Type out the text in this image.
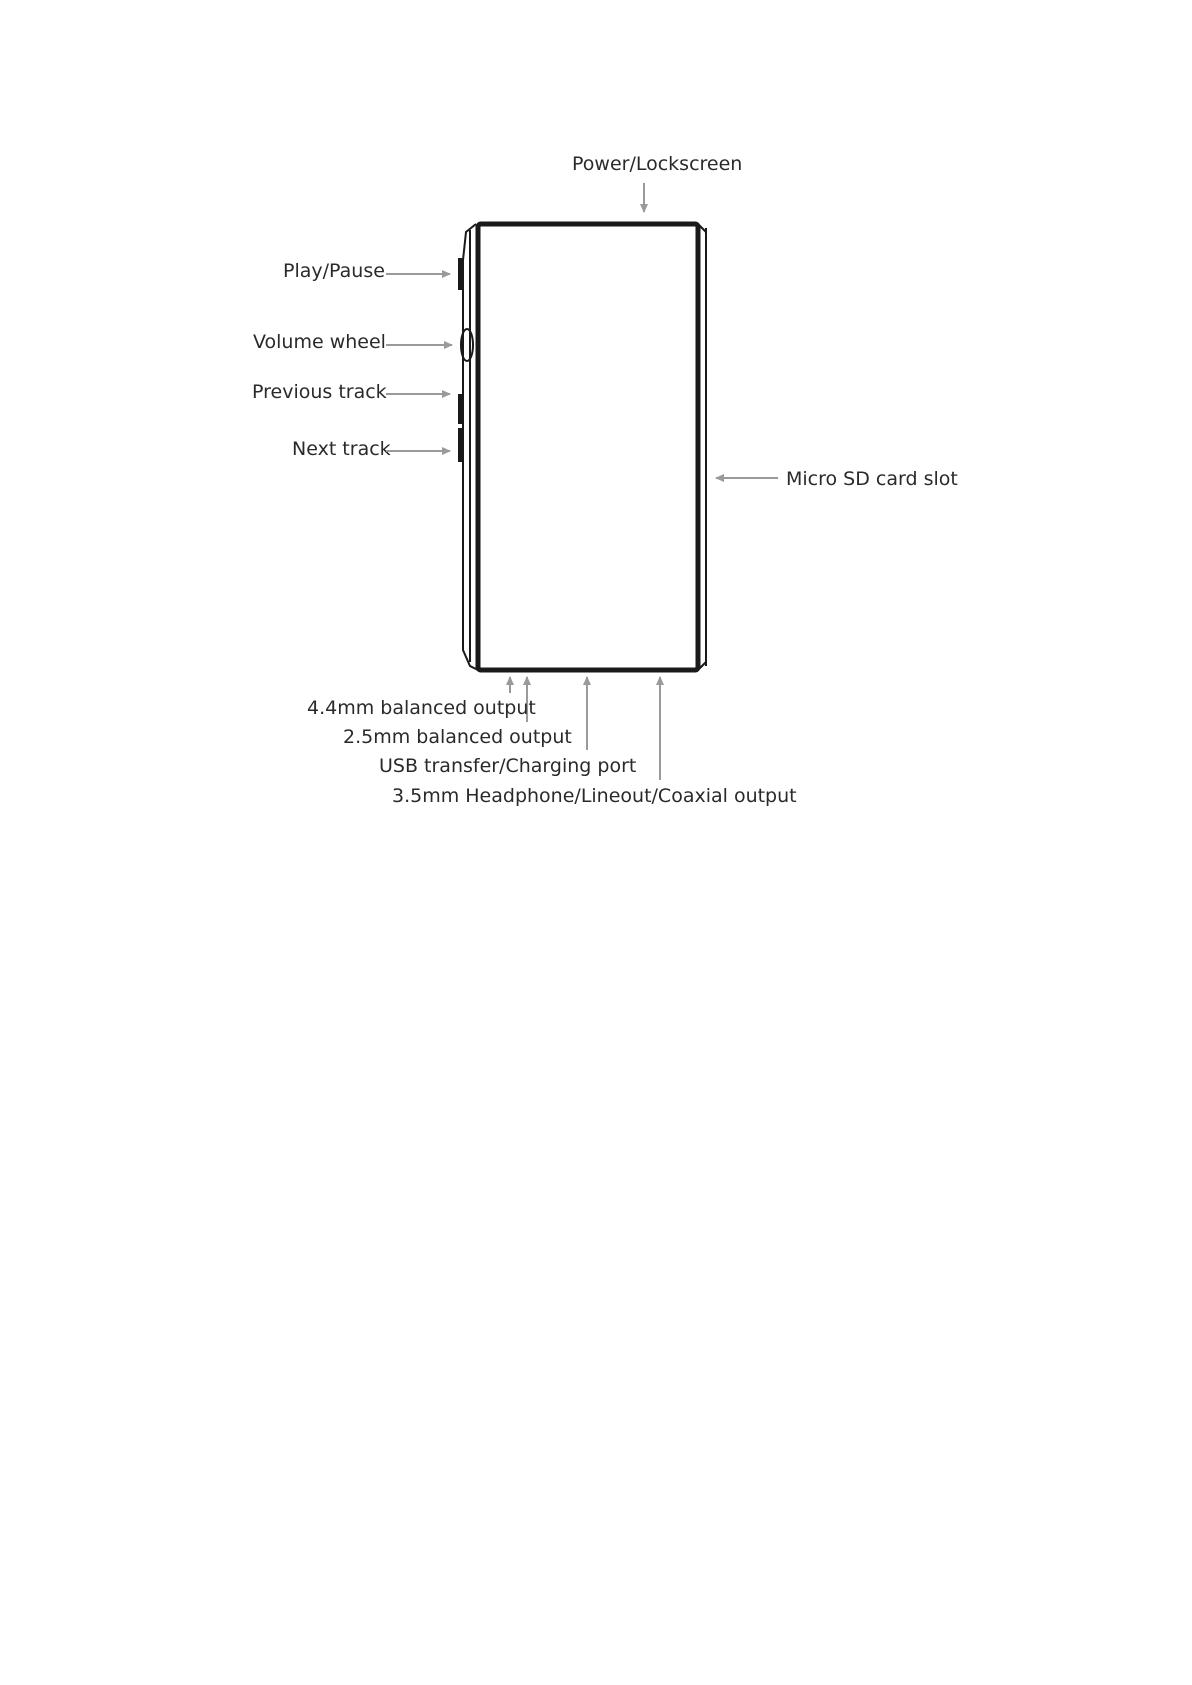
Power/Lockscreen
Play/Pause
Volume wheel
Previous track
Next track
Micro SD card slot
4.4mm balanced output
2.5mm balanced output
USB transfer/Charging port
3.5mm Headphone/Lineout/Coaxial output
